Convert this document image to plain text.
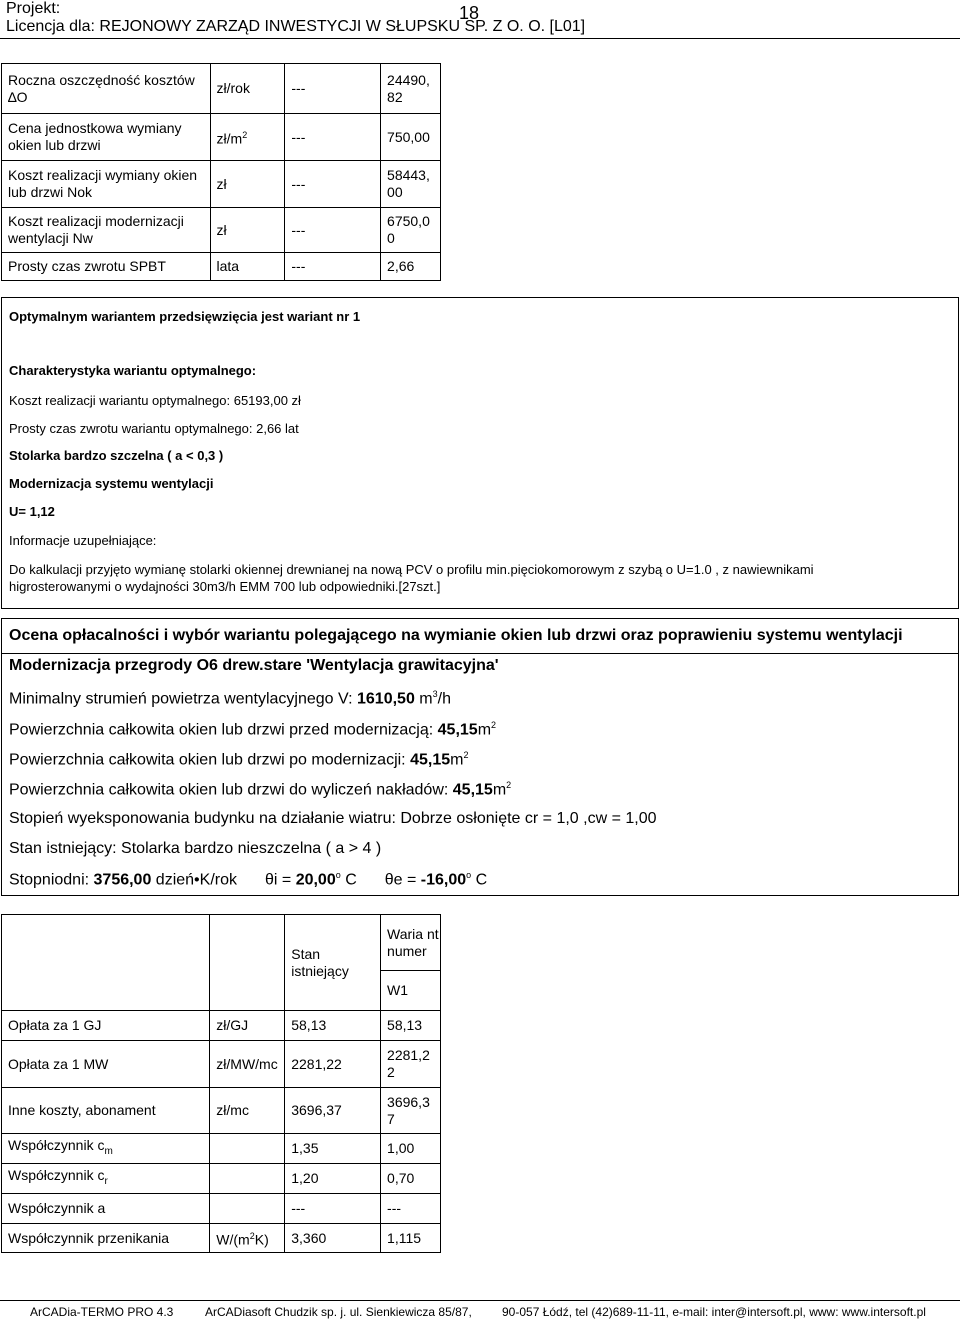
Projekt:	18
Licencja dla: REJONOWY ZARZĄD INWESTYCJI W SŁUPSKU SP. Z O. O. [L01]
Roczna oszczędność kosztów ∆O	zł/rok	---	24490, 82
Cena jednostkowa wymiany okien lub drzwi	$zł/m^2$	---	750,00
Koszt realizacji wymiany okien lub drzwi Nok	zł	---	58443, 00
Koszt realizacji modernizacji wentylacji Nw	zł	---	6750,0 0
Prosty czas zwrotu SPBT	lata	---	2,66
Optymalnym wariantem przedsięwzięcia jest wariant nr 1
Charakterystyka wariantu optymalnego:
Koszt realizacji wariantu optymalnego: 65193,00 zł
Prosty czas zwrotu wariantu optymalnego: 2,66 lat
Stolarka bardzo szczelna ( a < 0,3 )
Modernizacja systemu wentylacji
U= 1,12
Informacje uzupełniające:
Do kalkulacji przyjęto wymianę stolarki okiennej drewnianej na nową PCV o profilu min.pięciokomorowym z szybą o U=1.0 , z nawiewnikami
higrosterowanymi o wydajności 30m3/h EMM 700 lub odpowiedniki.[27szt.]
Ocena opłacalności i wybór wariantu polegającego na wymianie okien lub drzwi oraz poprawieniu systemu wentylacji
Modernizacja przegrody O6 drew.stare 'Wentylacja grawitacyjna'
Minimalny strumień powietrza wentylacyjnego V: 1610,50 $m^3/h$
Powierzchnia całkowita okien lub drzwi przed modernizacją: $45,15m^2$
Powierzchnia całkowita okien lub drzwi po modernizacji: $45,15m^2$
Powierzchnia całkowita okien lub drzwi do wyliczeń nakładów: $45,15m^2$
Stopień wyeksponowania budynku na działanie wiatru: Dobrze osłonięte cr = 1,0 ,cw = 1,00
Stan istniejący: Stolarka bardzo nieszczelna ( a > 4 )
Stopniodni: 3756,00 dzień•K/rok $\theta i = 20,00^o$ C $\theta e = -16,00^o$ C
		Stan istniejący	Waria nt numer
			W1
Opłata za 1 GJ	zł/GJ	58,13	58,13
Opłata za 1 MW	zł/MW/mc	2281,22	2281,2 2
Inne koszty, abonament	zł/mc	3696,37	3696,3 7
Współczynnik $c_m$		1,35	1,00
Współczynnik $c_r$		1,20	0,70
Współczynnik a		---	---
Współczynnik przenikania	$W/(m^2K)$	3,360	1,115
ArCADia-TERMO PRO 4.3	ArCADiasoft Chudzik sp. j. ul. Sienkiewicza 85/87,	90-057 Łódź, tel (42)689-11-11, e-mail: inter@intersoft.pl, www: www.intersoft.pl
